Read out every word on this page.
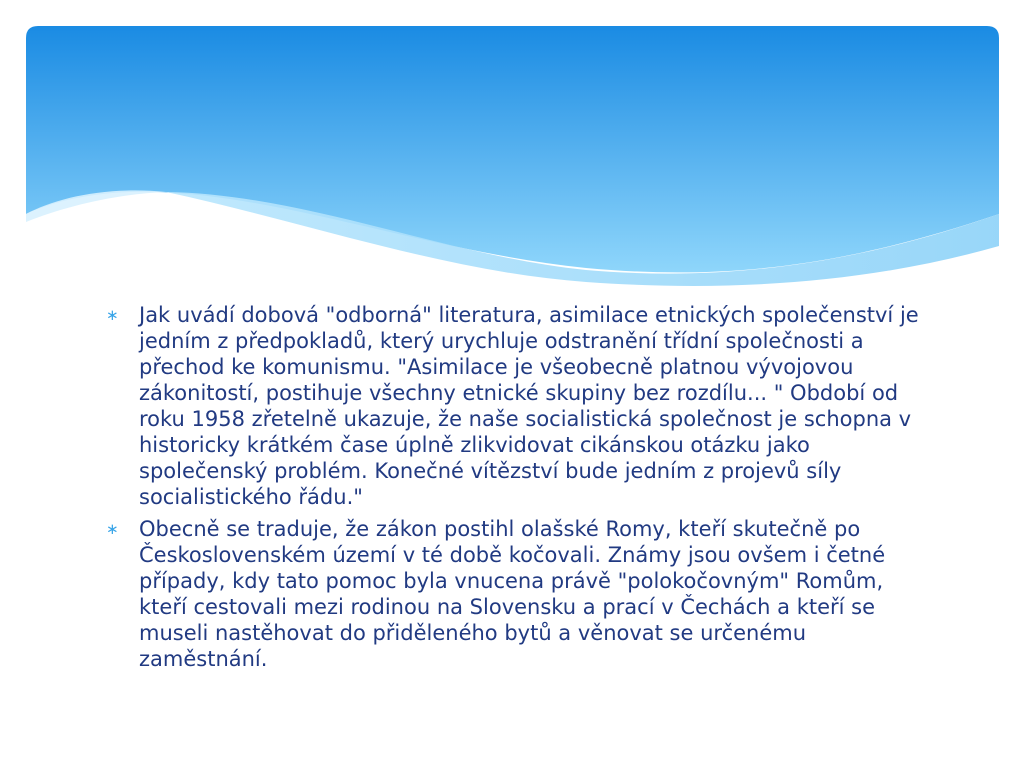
∗ Jak uvádí dobová "odborná" literatura, asimilace etnických společenství je jedním z předpokladů, který urychluje odstranění třídní společnosti a přechod ke komunismu. "Asimilace je všeobecně platnou vývojovou zákonitostí, postihuje všechny etnické skupiny bez rozdílu... " Období od roku 1958 zřetelně ukazuje, že naše socialistická společnost je schopna v historicky krátkém čase úplně zlikvidovat cikánskou otázku jako společenský problém. Konečné vítězství bude jedním z projevů síly socialistického řádu."
∗ Obecně se traduje, že zákon postihl olašské Romy, kteří skutečně po Československém území v té době kočovali. Známy jsou ovšem i četné případy, kdy tato pomoc byla vnucena právě "polokočovným" Romům, kteří cestovali mezi rodinou na Slovensku a prací v Čechách a kteří se museli nastěhovat do přiděleného bytů a věnovat se určenému zaměstnání.
